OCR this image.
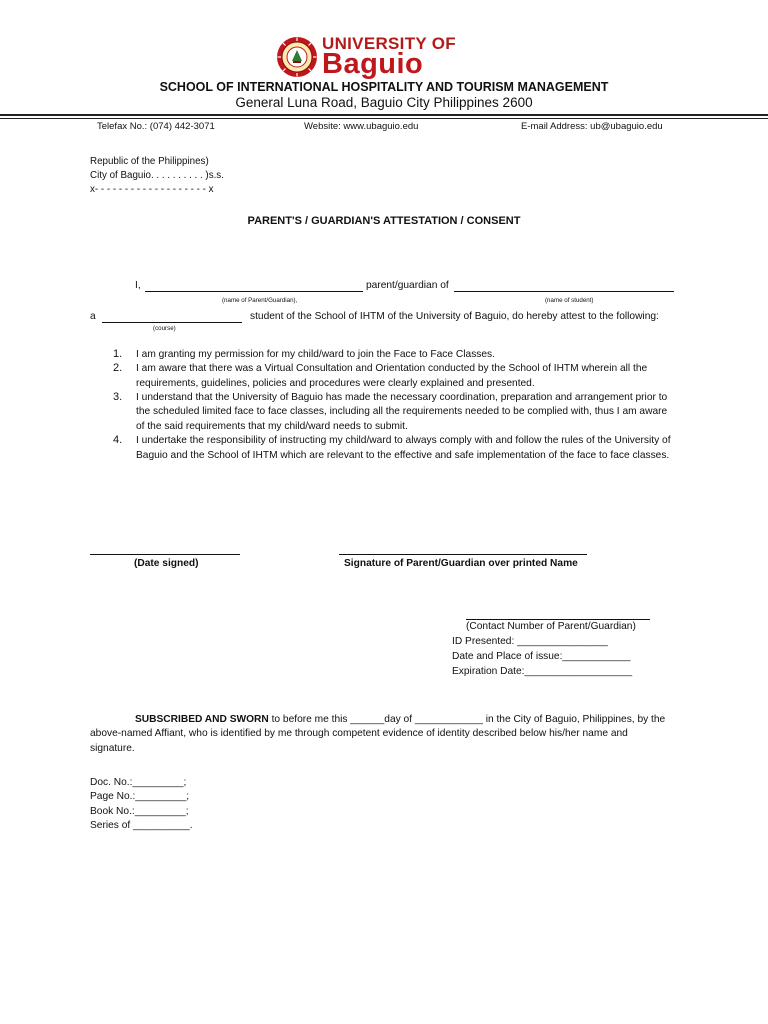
UNIVERSITY OF
Baguio
SCHOOL OF INTERNATIONAL HOSPITALITY AND TOURISM MANAGEMENT
General Luna Road, Baguio City Philippines 2600
Telefax No.: (074) 442-3071	Website: www.ubaguio.edu	E-mail Address: ub@ubaguio.edu
Republic of the Philippines)
City of Baguio. . . . . . . . . . )s.s.
x- - - - - - - - - - - - - - - - - - - x
PARENT'S / GUARDIAN'S ATTESTATION / CONSENT
I,	parent/guardian of
(name of Parent/Guardian),	(name of student)
a	student of the School of IHTM of the University of Baguio, do hereby attest to the following:
(course)
1. I am granting my permission for my child/ward to join the Face to Face Classes.
2. I am aware that there was a Virtual Consultation and Orientation conducted by the School of IHTM wherein all the
requirements, guidelines, policies and procedures were clearly explained and presented.
3. I understand that the University of Baguio has made the necessary coordination, preparation and arrangement prior to
the scheduled limited face to face classes, including all the requirements needed to be complied with, thus I am aware
of the said requirements that my child/ward needs to submit.
4. I undertake the responsibility of instructing my child/ward to always comply with and follow the rules of the University of
Baguio and the School of IHTM which are relevant to the effective and safe implementation of the face to face classes.
(Date signed)	Signature of Parent/Guardian over printed Name
(Contact Number of Parent/Guardian)
ID Presented: ________________
Date and Place of issue:____________
Expiration Date:___________________
SUBSCRIBED AND SWORN to before me this ______day of ____________ in the City of Baguio, Philippines, by the
above-named Affiant, who is identified by me through competent evidence of identity described below his/her name and
signature.
Doc. No.:_________;
Page No.:_________;
Book No.:_________;
Series of __________.
